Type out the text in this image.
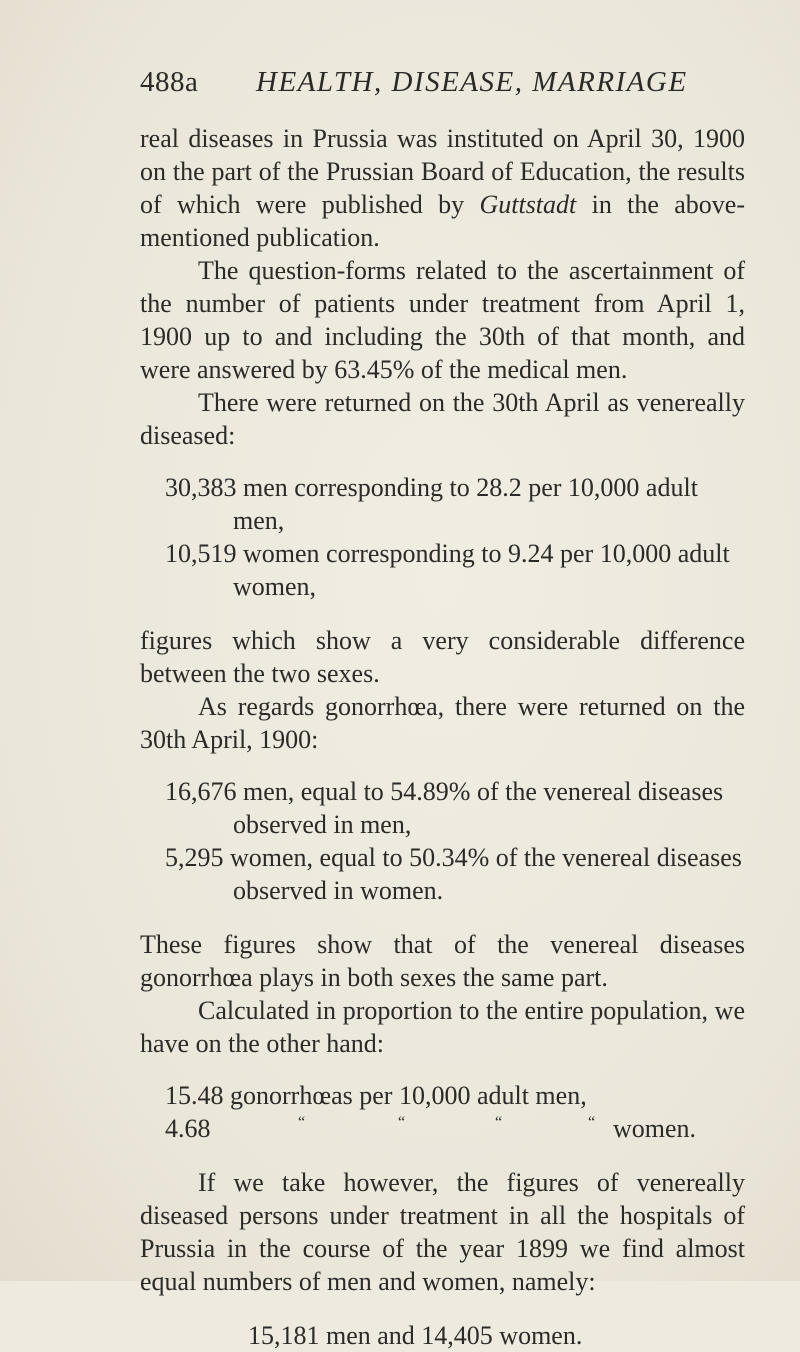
488a HEALTH, DISEASE, MARRIAGE

real diseases in Prussia was instituted on April 30, 1900 on the part of the Prussian Board of Education, the results of which were published by Guttstadt in the above-mentioned publication.

The question-forms related to the ascertainment of the number of patients under treatment from April 1, 1900 up to and including the 30th of that month, and were answered by 63.45% of the medical men.

There were returned on the 30th April as venereally diseased:

30,383 men corresponding to 28.2 per 10,000 adult men,

10,519 women corresponding to 9.24 per 10,000 adult women,

figures which show a very considerable difference between the two sexes.

As regards gonorrhœa, there were returned on the 30th April, 1900:

16,676 men, equal to 54.89% of the venereal diseases observed in men,

5,295 women, equal to 50.34% of the venereal diseases observed in women.

These figures show that of the venereal diseases gonorrhœa plays in both sexes the same part.

Calculated in proportion to the entire population, we have on the other hand:

15.48 gonorrhœas per 10,000 adult men,

4.68	“	“	“	“ women.

If we take however, the figures of venereally diseased persons under treatment in all the hospitals of Prussia in the course of the year 1899 we find almost equal numbers of men and women, namely:

15,181 men and 14,405 women.
